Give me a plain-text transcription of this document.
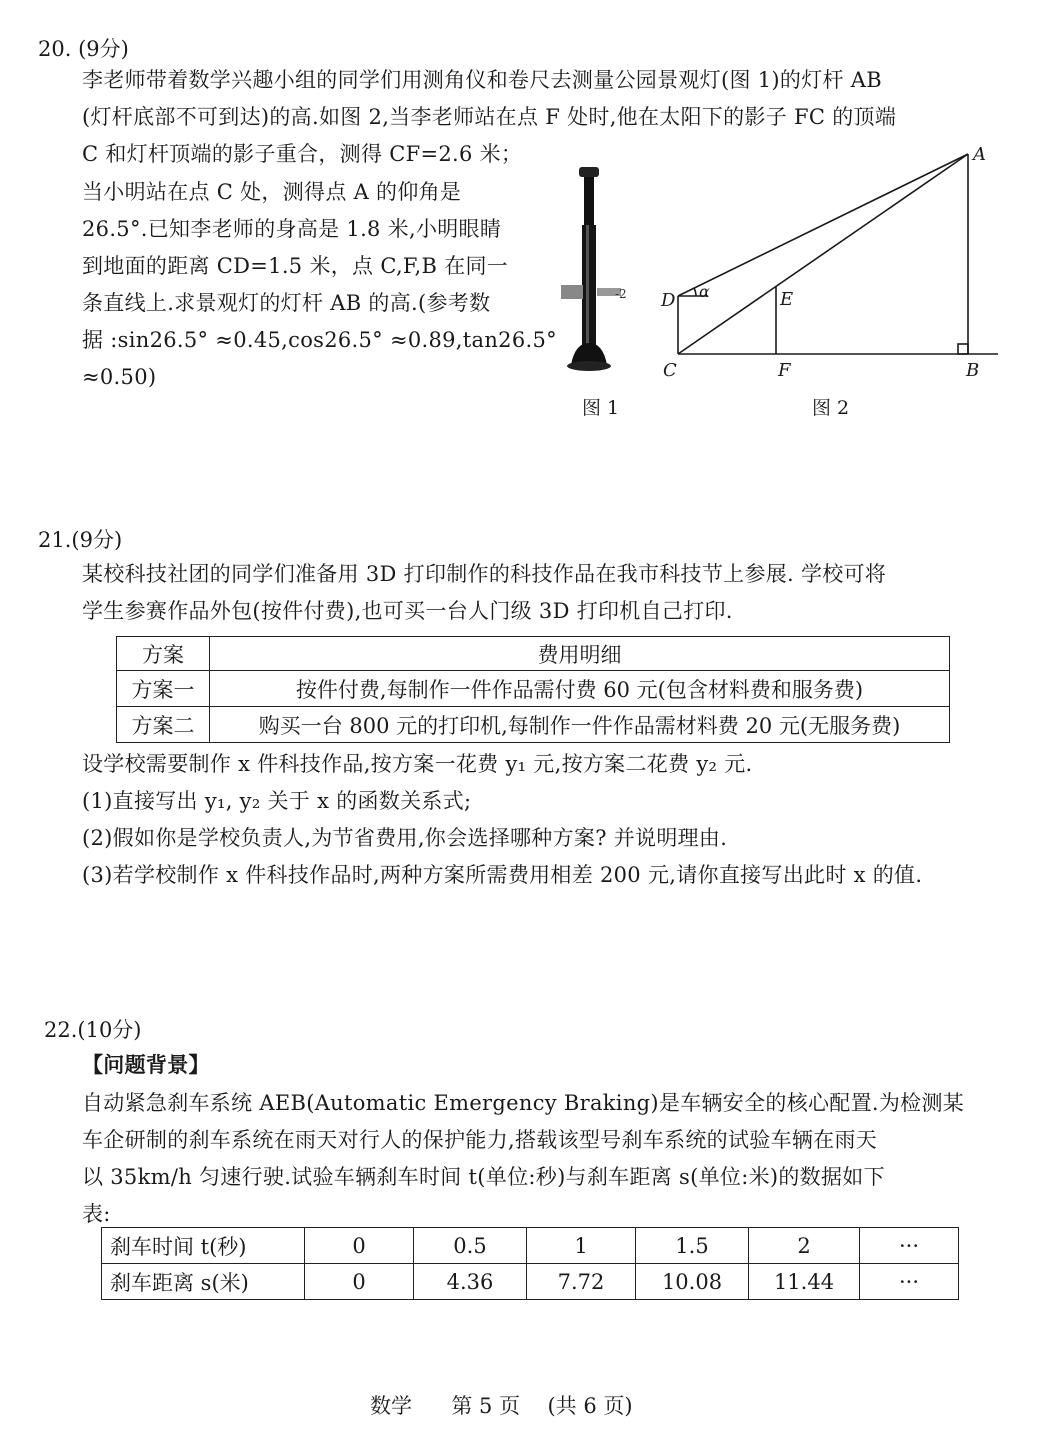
20. (9分)
李老师带着数学兴趣小组的同学们用测角仪和卷尺去测量公园景观灯(图 1)的灯杆 AB
(灯杆底部不可到达)的高.如图 2,当李老师站在点 F 处时,他在太阳下的影子 FC 的顶端
C 和灯杆顶端的影子重合，测得 CF=2.6 米；
当小明站在点 C 处，测得点 A 的仰角是
26.5°.已知李老师的身高是 1.8 米,小明眼睛
到地面的距离 CD=1.5 米，点 C,F,B 在同一
条直线上.求景观灯的灯杆 AB 的高.(参考数
据 :sin26.5° ≈0.45,cos26.5° ≈0.89,tan26.5°
≈0.50)
-2
图 1
A
B
C
D	E
F
α
图 2
21.(9分)
某校科技社团的同学们准备用 3D 打印制作的科技作品在我市科技节上参展. 学校可将
学生参赛作品外包(按件付费),也可买一台人门级 3D 打印机自己打印.
方案	费用明细
方案一	按件付费,每制作一件作品需付费 60 元(包含材料费和服务费)
方案二	购买一台 800 元的打印机,每制作一件作品需材料费 20 元(无服务费)
设学校需要制作 x 件科技作品,按方案一花费 y₁ 元,按方案二花费 y₂ 元.
(1)直接写出 y₁, y₂ 关于 x 的函数关系式;
(2)假如你是学校负责人,为节省费用,你会选择哪种方案? 并说明理由.
(3)若学校制作 x 件科技作品时,两种方案所需费用相差 200 元,请你直接写出此时 x 的值.
22.(10分)
【问题背景】
自动紧急刹车系统 AEB(Automatic Emergency Braking)是车辆安全的核心配置.为检测某
车企研制的刹车系统在雨天对行人的保护能力,搭载该型号刹车系统的试验车辆在雨天
以 35km/h 匀速行驶.试验车辆刹车时间 t(单位:秒)与刹车距离 s(单位:米)的数据如下
表:
刹车时间 t(秒)	0	0.5	1	1.5	2	···
刹车距离 s(米)	0	4.36	7.72	10.08	11.44	···
数学 第 5 页 (共 6 页)
